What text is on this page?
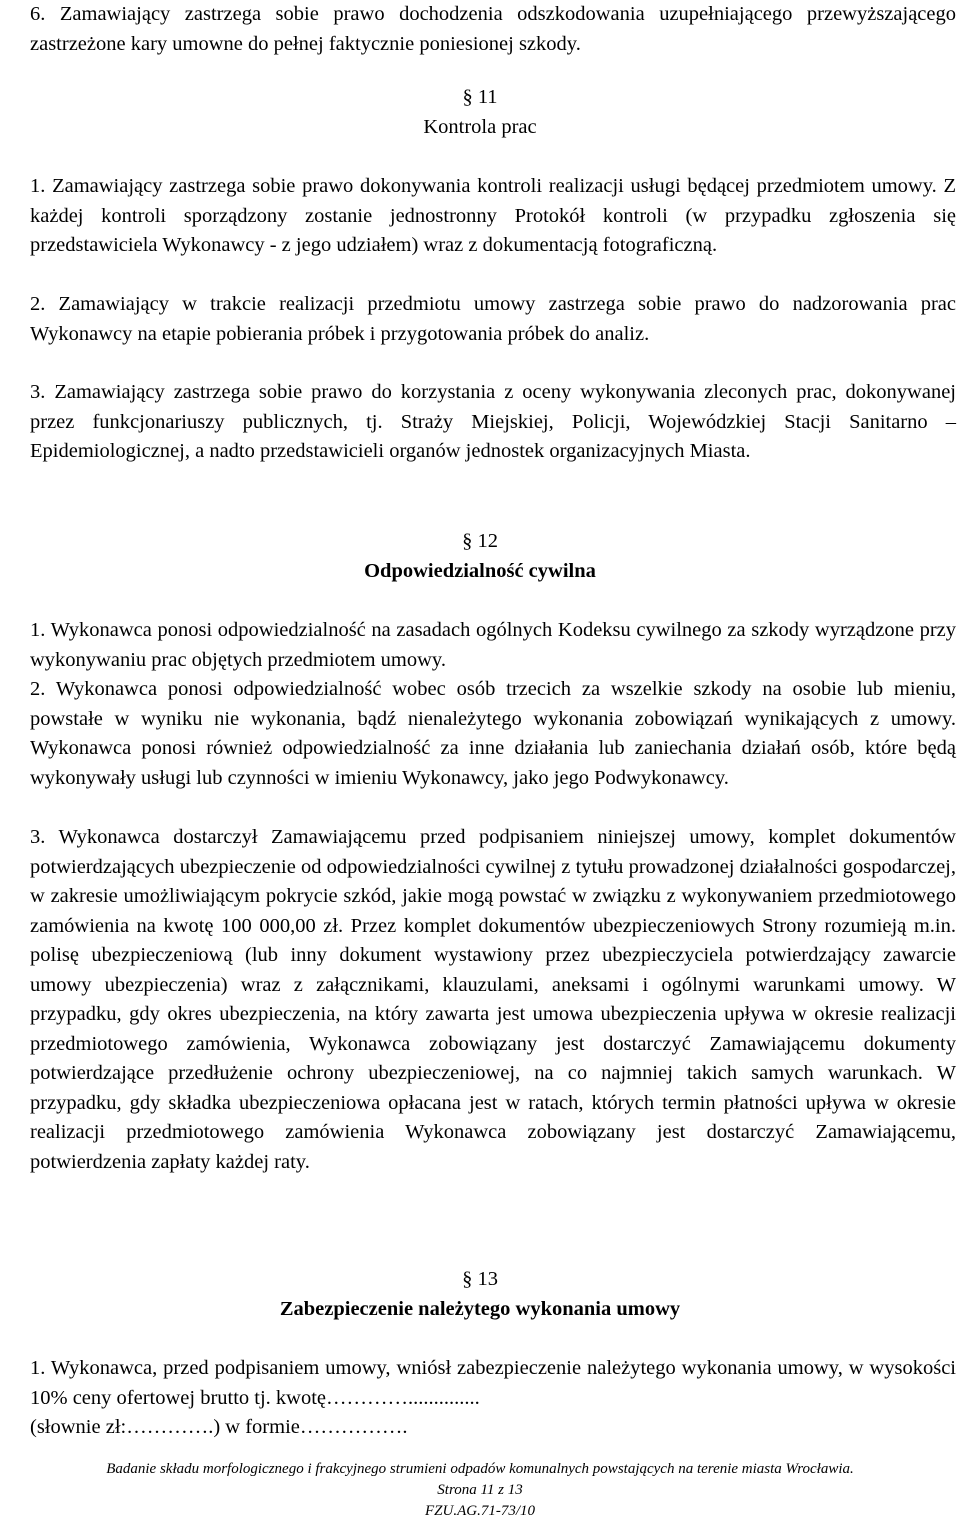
6. Zamawiający zastrzega sobie prawo dochodzenia odszkodowania uzupełniającego przewyższającego zastrzeżone kary umowne do pełnej faktycznie poniesionej szkody.

§ 11

Kontrola prac

1. Zamawiający zastrzega sobie prawo dokonywania kontroli realizacji usługi będącej przedmiotem umowy. Z każdej kontroli sporządzony zostanie jednostronny Protokół kontroli (w przypadku zgłoszenia się przedstawiciela Wykonawcy - z jego udziałem) wraz z dokumentacją fotograficzną.

2. Zamawiający w trakcie realizacji przedmiotu umowy zastrzega sobie prawo do nadzorowania prac Wykonawcy na etapie pobierania próbek i przygotowania próbek do analiz.

3. Zamawiający zastrzega sobie prawo do korzystania z oceny wykonywania zleconych prac, dokonywanej przez funkcjonariuszy publicznych, tj. Straży Miejskiej, Policji, Wojewódzkiej Stacji Sanitarno – Epidemiologicznej, a nadto przedstawicieli organów jednostek organizacyjnych Miasta.

§ 12

Odpowiedzialność cywilna

1. Wykonawca ponosi odpowiedzialność na zasadach ogólnych Kodeksu cywilnego za szkody wyrządzone przy wykonywaniu prac objętych przedmiotem umowy.

2. Wykonawca ponosi odpowiedzialność wobec osób trzecich za wszelkie szkody na osobie lub mieniu, powstałe w wyniku nie wykonania, bądź nienależytego wykonania zobowiązań wynikających z umowy. Wykonawca ponosi również odpowiedzialność za inne działania lub zaniechania działań osób, które będą wykonywały usługi lub czynności w imieniu Wykonawcy, jako jego Podwykonawcy.

3. Wykonawca dostarczył Zamawiającemu przed podpisaniem niniejszej umowy, komplet dokumentów potwierdzających ubezpieczenie od odpowiedzialności cywilnej z tytułu prowadzonej działalności gospodarczej, w zakresie umożliwiającym pokrycie szkód, jakie mogą powstać w związku z wykonywaniem przedmiotowego zamówienia na kwotę 100 000,00 zł. Przez komplet dokumentów ubezpieczeniowych Strony rozumieją m.in. polisę ubezpieczeniową (lub inny dokument wystawiony przez ubezpieczyciela potwierdzający zawarcie umowy ubezpieczenia) wraz z załącznikami, klauzulami, aneksami i ogólnymi warunkami umowy. W przypadku, gdy okres ubezpieczenia, na który zawarta jest umowa ubezpieczenia upływa w okresie realizacji przedmiotowego zamówienia, Wykonawca zobowiązany jest dostarczyć Zamawiającemu dokumenty potwierdzające przedłużenie ochrony ubezpieczeniowej, na co najmniej takich samych warunkach. W przypadku, gdy składka ubezpieczeniowa opłacana jest w ratach, których termin płatności upływa w okresie realizacji przedmiotowego zamówienia Wykonawca zobowiązany jest dostarczyć Zamawiającemu, potwierdzenia zapłaty każdej raty.

§ 13

Zabezpieczenie należytego wykonania umowy

1. Wykonawca, przed podpisaniem umowy, wniósł zabezpieczenie należytego wykonania umowy, w wysokości 10% ceny ofertowej brutto tj. kwotę…………..............

(słownie zł:………….) w formie…………….

Badanie składu morfologicznego i frakcyjnego strumieni odpadów komunalnych powstających na terenie miasta Wrocławia.

Strona 11 z 13

FZU.AG.71-73/10
